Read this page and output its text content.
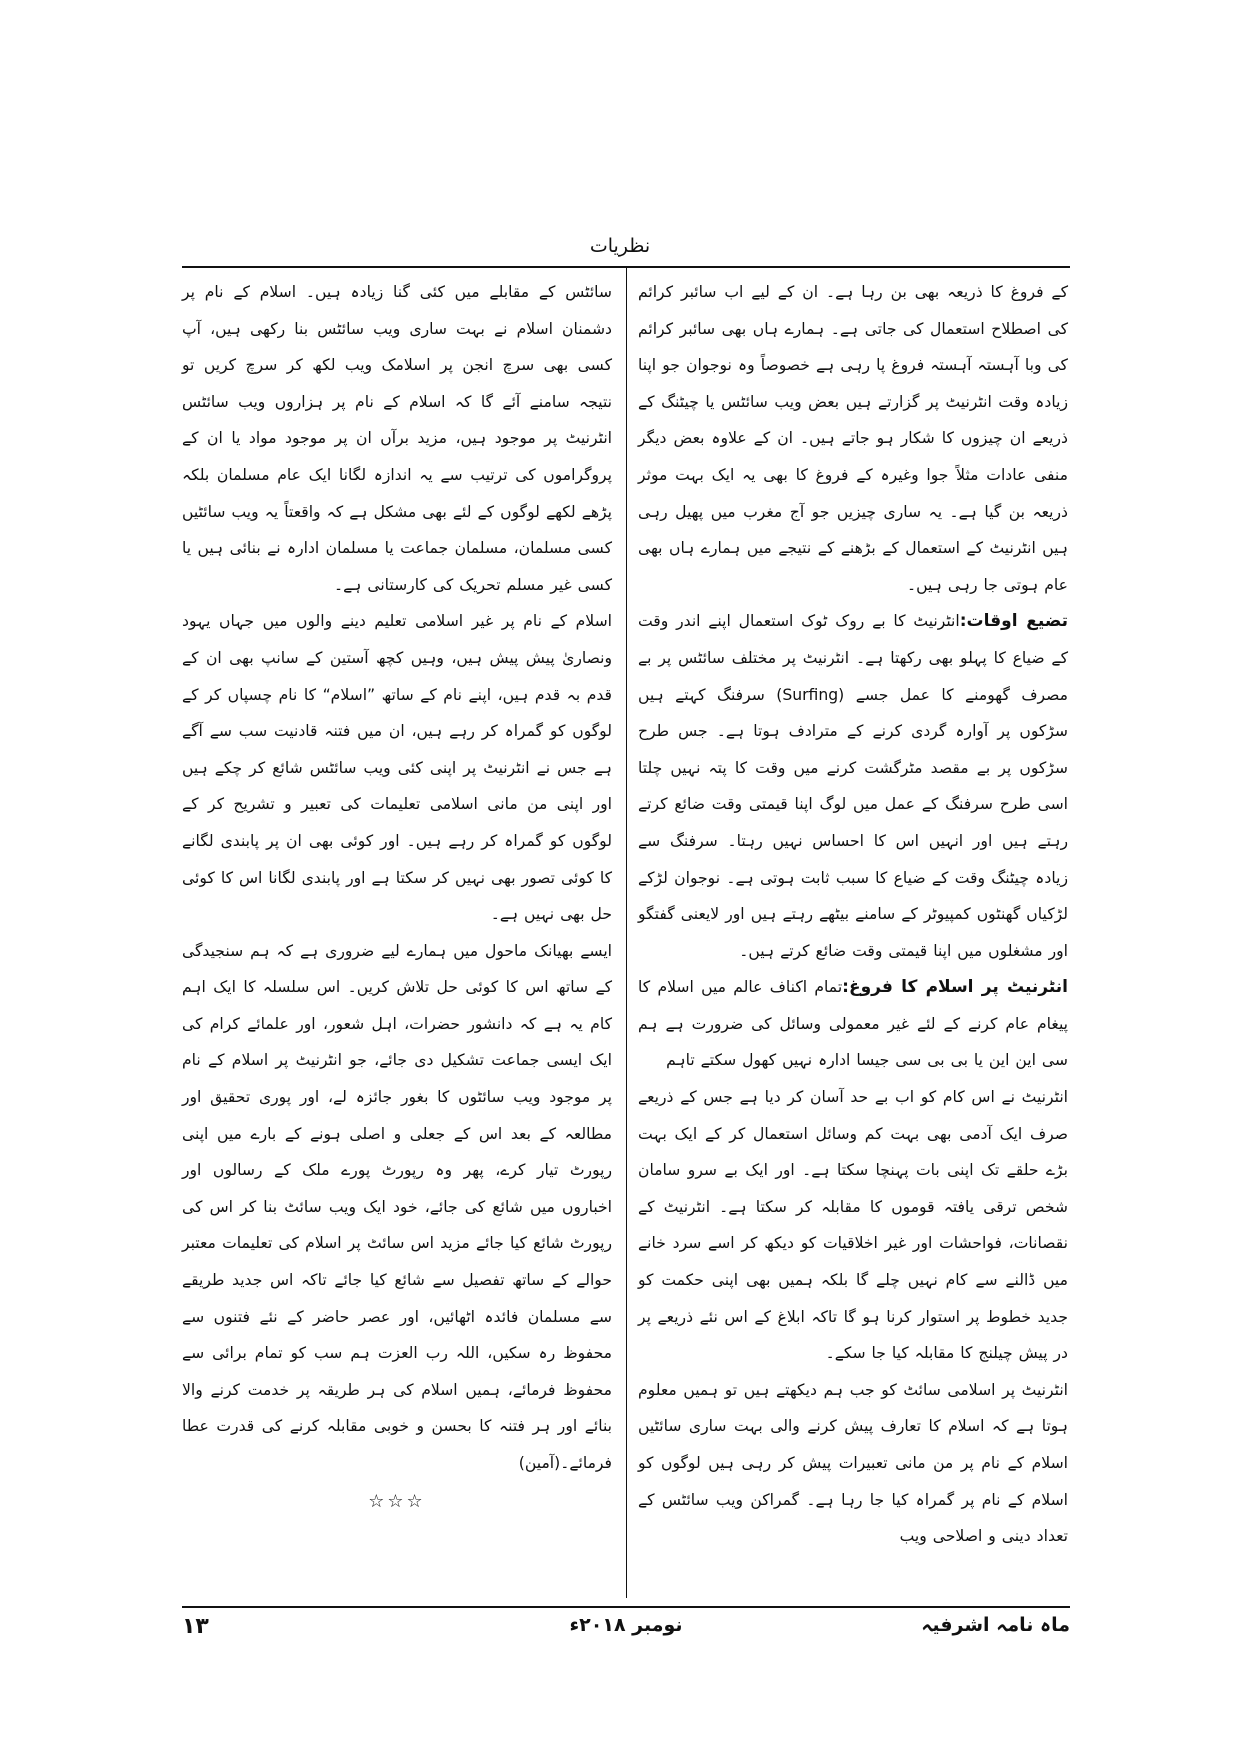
نظریات

کے فروغ کا ذریعہ بھی بن رہا ہے۔ ان کے لیے اب سائبر کرائم کی اصطلاح استعمال کی جاتی ہے۔ ہمارے ہاں بھی سائبر کرائم کی وبا آہستہ آہستہ فروغ پا رہی ہے خصوصاً وہ نوجوان جو اپنا زیادہ وقت انٹرنیٹ پر گزارتے ہیں بعض ویب سائٹس یا چیٹنگ کے ذریعے ان چیزوں کا شکار ہو جاتے ہیں۔ ان کے علاوہ بعض دیگر منفی عادات مثلاً جوا وغیرہ کے فروغ کا بھی یہ ایک بہت موثر ذریعہ بن گیا ہے۔ یہ ساری چیزیں جو آج مغرب میں پھیل رہی ہیں انٹرنیٹ کے استعمال کے بڑھنے کے نتیجے میں ہمارے ہاں بھی عام ہوتی جا رہی ہیں۔

تضیع اوقات:انٹرنیٹ کا بے روک ٹوک استعمال اپنے اندر وقت کے ضیاع کا پہلو بھی رکھتا ہے۔ انٹرنیٹ پر مختلف سائٹس پر بے مصرف گھومنے کا عمل جسے (Surfing) سرفنگ کہتے ہیں سڑکوں پر آوارہ گردی کرنے کے مترادف ہوتا ہے۔ جس طرح سڑکوں پر بے مقصد مٹرگشت کرنے میں وقت کا پتہ نہیں چلتا اسی طرح سرفنگ کے عمل میں لوگ اپنا قیمتی وقت ضائع کرتے رہتے ہیں اور انہیں اس کا احساس نہیں رہتا۔ سرفنگ سے زیادہ چیٹنگ وقت کے ضیاع کا سبب ثابت ہوتی ہے۔ نوجوان لڑکے لڑکیاں گھنٹوں کمپیوٹر کے سامنے بیٹھے رہتے ہیں اور لایعنی گفتگو اور مشغلوں میں اپنا قیمتی وقت ضائع کرتے ہیں۔

انٹرنیٹ پر اسلام کا فروغ:تمام اکناف عالم میں اسلام کا پیغام عام کرنے کے لئے غیر معمولی وسائل کی ضرورت ہے ہم سی این این یا بی بی سی جیسا ادارہ نہیں کھول سکتے تاہم

انٹرنیٹ نے اس کام کو اب بے حد آسان کر دیا ہے جس کے ذریعے صرف ایک آدمی بھی بہت کم وسائل استعمال کر کے ایک بہت بڑے حلقے تک اپنی بات پہنچا سکتا ہے۔ اور ایک بے سرو سامان شخص ترقی یافتہ قوموں کا مقابلہ کر سکتا ہے۔ انٹرنیٹ کے نقصانات، فواحشات اور غیر اخلاقیات کو دیکھ کر اسے سرد خانے میں ڈالنے سے کام نہیں چلے گا بلکہ ہمیں بھی اپنی حکمت کو جدید خطوط پر استوار کرنا ہو گا تاکہ ابلاغ کے اس نئے ذریعے پر در پیش چیلنج کا مقابلہ کیا جا سکے۔

انٹرنیٹ پر اسلامی سائٹ کو جب ہم دیکھتے ہیں تو ہمیں معلوم ہوتا ہے کہ اسلام کا تعارف پیش کرنے والی بہت ساری سائٹیں اسلام کے نام پر من مانی تعبیرات پیش کر رہی ہیں لوگوں کو اسلام کے نام پر گمراہ کیا جا رہا ہے۔ گمراکن ویب سائٹس کے تعداد دینی و اصلاحی ویب

سائٹس کے مقابلے میں کئی گنا زیادہ ہیں۔ اسلام کے نام پر دشمنان اسلام نے بہت ساری ویب سائٹس بنا رکھی ہیں، آپ کسی بھی سرچ انجن پر اسلامک ویب لکھ کر سرچ کریں تو نتیجہ سامنے آئے گا کہ اسلام کے نام پر ہزاروں ویب سائٹس انٹرنیٹ پر موجود ہیں، مزید برآں ان پر موجود مواد یا ان کے پروگراموں کی ترتیب سے یہ اندازہ لگانا ایک عام مسلمان بلکہ پڑھے لکھے لوگوں کے لئے بھی مشکل ہے کہ واقعتاً یہ ویب سائٹیں کسی مسلمان، مسلمان جماعت یا مسلمان ادارہ نے بنائی ہیں یا کسی غیر مسلم تحریک کی کارستانی ہے۔

اسلام کے نام پر غیر اسلامی تعلیم دینے والوں میں جہاں یہود ونصاریٰ پیش پیش ہیں، وہیں کچھ آستین کے سانپ بھی ان کے قدم بہ قدم ہیں، اپنے نام کے ساتھ ”اسلام“ کا نام چسپاں کر کے لوگوں کو گمراہ کر رہے ہیں، ان میں فتنہ قادنیت سب سے آگے ہے جس نے انٹرنیٹ پر اپنی کئی ویب سائٹس شائع کر چکے ہیں اور اپنی من مانی اسلامی تعلیمات کی تعبیر و تشریح کر کے لوگوں کو گمراہ کر رہے ہیں۔ اور کوئی بھی ان پر پابندی لگانے کا کوئی تصور بھی نہیں کر سکتا ہے اور پابندی لگانا اس کا کوئی حل بھی نہیں ہے۔

ایسے بھیانک ماحول میں ہمارے لیے ضروری ہے کہ ہم سنجیدگی کے ساتھ اس کا کوئی حل تلاش کریں۔ اس سلسلہ کا ایک اہم کام یہ ہے کہ دانشور حضرات، اہل شعور، اور علمائے کرام کی ایک ایسی جماعت تشکیل دی جائے، جو انٹرنیٹ پر اسلام کے نام پر موجود ویب سائٹوں کا بغور جائزہ لے، اور پوری تحقیق اور مطالعہ کے بعد اس کے جعلی و اصلی ہونے کے بارے میں اپنی رپورٹ تیار کرے، پھر وہ رپورٹ پورے ملک کے رسالوں اور اخباروں میں شائع کی جائے، خود ایک ویب سائٹ بنا کر اس کی رپورٹ شائع کیا جائے مزید اس سائٹ پر اسلام کی تعلیمات معتبر حوالے کے ساتھ تفصیل سے شائع کیا جائے تاکہ اس جدید طریقے سے مسلمان فائدہ اٹھائیں، اور عصر حاضر کے نئے فتنوں سے محفوظ رہ سکیں، اللہ رب العزت ہم سب کو تمام برائی سے محفوظ فرمائے، ہمیں اسلام کی ہر طریقہ پر خدمت کرنے والا بنائے اور ہر فتنہ کا بحسن و خوبی مقابلہ کرنے کی قدرت عطا فرمائے۔(آمین)

☆☆☆
ماہ نامہ اشرفیہ
نومبر ۲۰۱۸ء
۱۳
